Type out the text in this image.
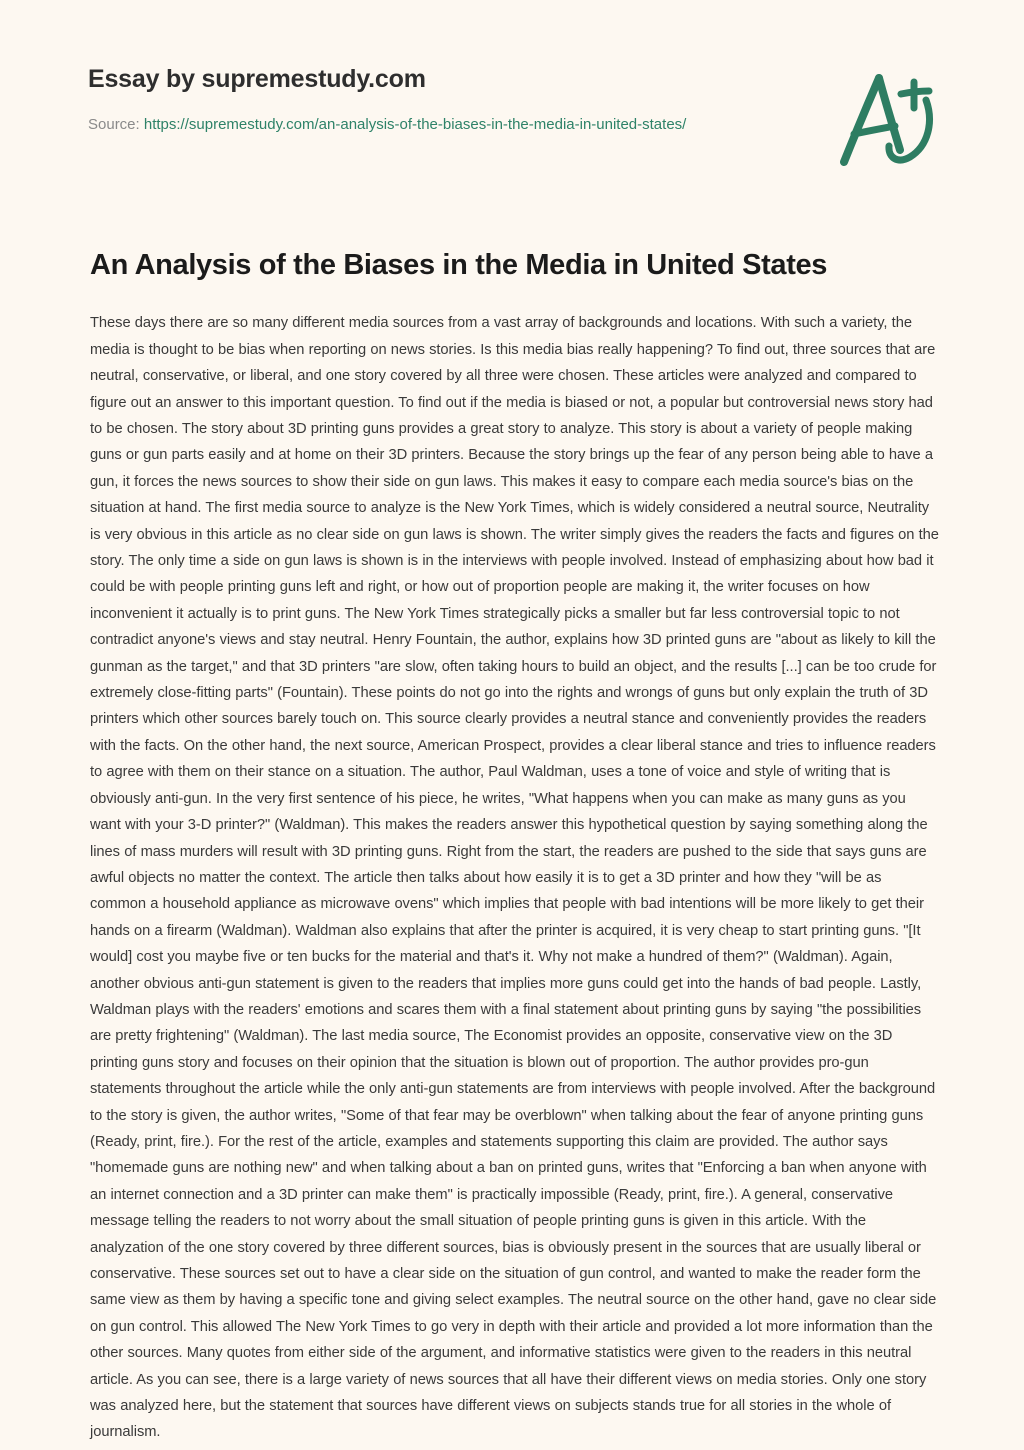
Essay by supremestudy.com
Source: https://supremestudy.com/an-analysis-of-the-biases-in-the-media-in-united-states/
An Analysis of the Biases in the Media in United States

These days there are so many different media sources from a vast array of backgrounds and locations. With such a variety, the media is thought to be bias when reporting on news stories. Is this media bias really happening? To find out, three sources that are neutral, conservative, or liberal, and one story covered by all three were chosen. These articles were analyzed and compared to figure out an answer to this important question. To find out if the media is biased or not, a popular but controversial news story had to be chosen. The story about 3D printing guns provides a great story to analyze. This story is about a variety of people making guns or gun parts easily and at home on their 3D printers. Because the story brings up the fear of any person being able to have a gun, it forces the news sources to show their side on gun laws. This makes it easy to compare each media source's bias on the situation at hand. The first media source to analyze is the New York Times, which is widely considered a neutral source, Neutrality is very obvious in this article as no clear side on gun laws is shown. The writer simply gives the readers the facts and figures on the story. The only time a side on gun laws is shown is in the interviews with people involved. Instead of emphasizing about how bad it could be with people printing guns left and right, or how out of proportion people are making it, the writer focuses on how inconvenient it actually is to print guns. The New York Times strategically picks a smaller but far less controversial topic to not contradict anyone's views and stay neutral. Henry Fountain, the author, explains how 3D printed guns are "about as likely to kill the gunman as the target," and that 3D printers "are slow, often taking hours to build an object, and the results [...] can be too crude for extremely close-fitting parts" (Fountain). These points do not go into the rights and wrongs of guns but only explain the truth of 3D printers which other sources barely touch on. This source clearly provides a neutral stance and conveniently provides the readers with the facts. On the other hand, the next source, American Prospect, provides a clear liberal stance and tries to influence readers to agree with them on their stance on a situation. The author, Paul Waldman, uses a tone of voice and style of writing that is obviously anti-gun. In the very first sentence of his piece, he writes, "What happens when you can make as many guns as you want with your 3-D printer?" (Waldman). This makes the readers answer this hypothetical question by saying something along the lines of mass murders will result with 3D printing guns. Right from the start, the readers are pushed to the side that says guns are awful objects no matter the context. The article then talks about how easily it is to get a 3D printer and how they "will be as common a household appliance as microwave ovens" which implies that people with bad intentions will be more likely to get their hands on a firearm (Waldman). Waldman also explains that after the printer is acquired, it is very cheap to start printing guns. "[It would] cost you maybe five or ten bucks for the material and that's it. Why not make a hundred of them?" (Waldman). Again, another obvious anti-gun statement is given to the readers that implies more guns could get into the hands of bad people. Lastly, Waldman plays with the readers' emotions and scares them with a final statement about printing guns by saying "the possibilities are pretty frightening" (Waldman). The last media source, The Economist provides an opposite, conservative view on the 3D printing guns story and focuses on their opinion that the situation is blown out of proportion. The author provides pro-gun statements throughout the article while the only anti-gun statements are from interviews with people involved. After the background to the story is given, the author writes, "Some of that fear may be overblown" when talking about the fear of anyone printing guns (Ready, print, fire.). For the rest of the article, examples and statements supporting this claim are provided. The author says "homemade guns are nothing new" and when talking about a ban on printed guns, writes that "Enforcing a ban when anyone with an internet connection and a 3D printer can make them" is practically impossible (Ready, print, fire.). A general, conservative message telling the readers to not worry about the small situation of people printing guns is given in this article. With the analyzation of the one story covered by three different sources, bias is obviously present in the sources that are usually liberal or conservative. These sources set out to have a clear side on the situation of gun control, and wanted to make the reader form the same view as them by having a specific tone and giving select examples. The neutral source on the other hand, gave no clear side on gun control. This allowed The New York Times to go very in depth with their article and provided a lot more information than the other sources. Many quotes from either side of the argument, and informative statistics were given to the readers in this neutral article. As you can see, there is a large variety of news sources that all have their different views on media stories. Only one story was analyzed here, but the statement that sources have different views on subjects stands true for all stories in the whole of journalism.
